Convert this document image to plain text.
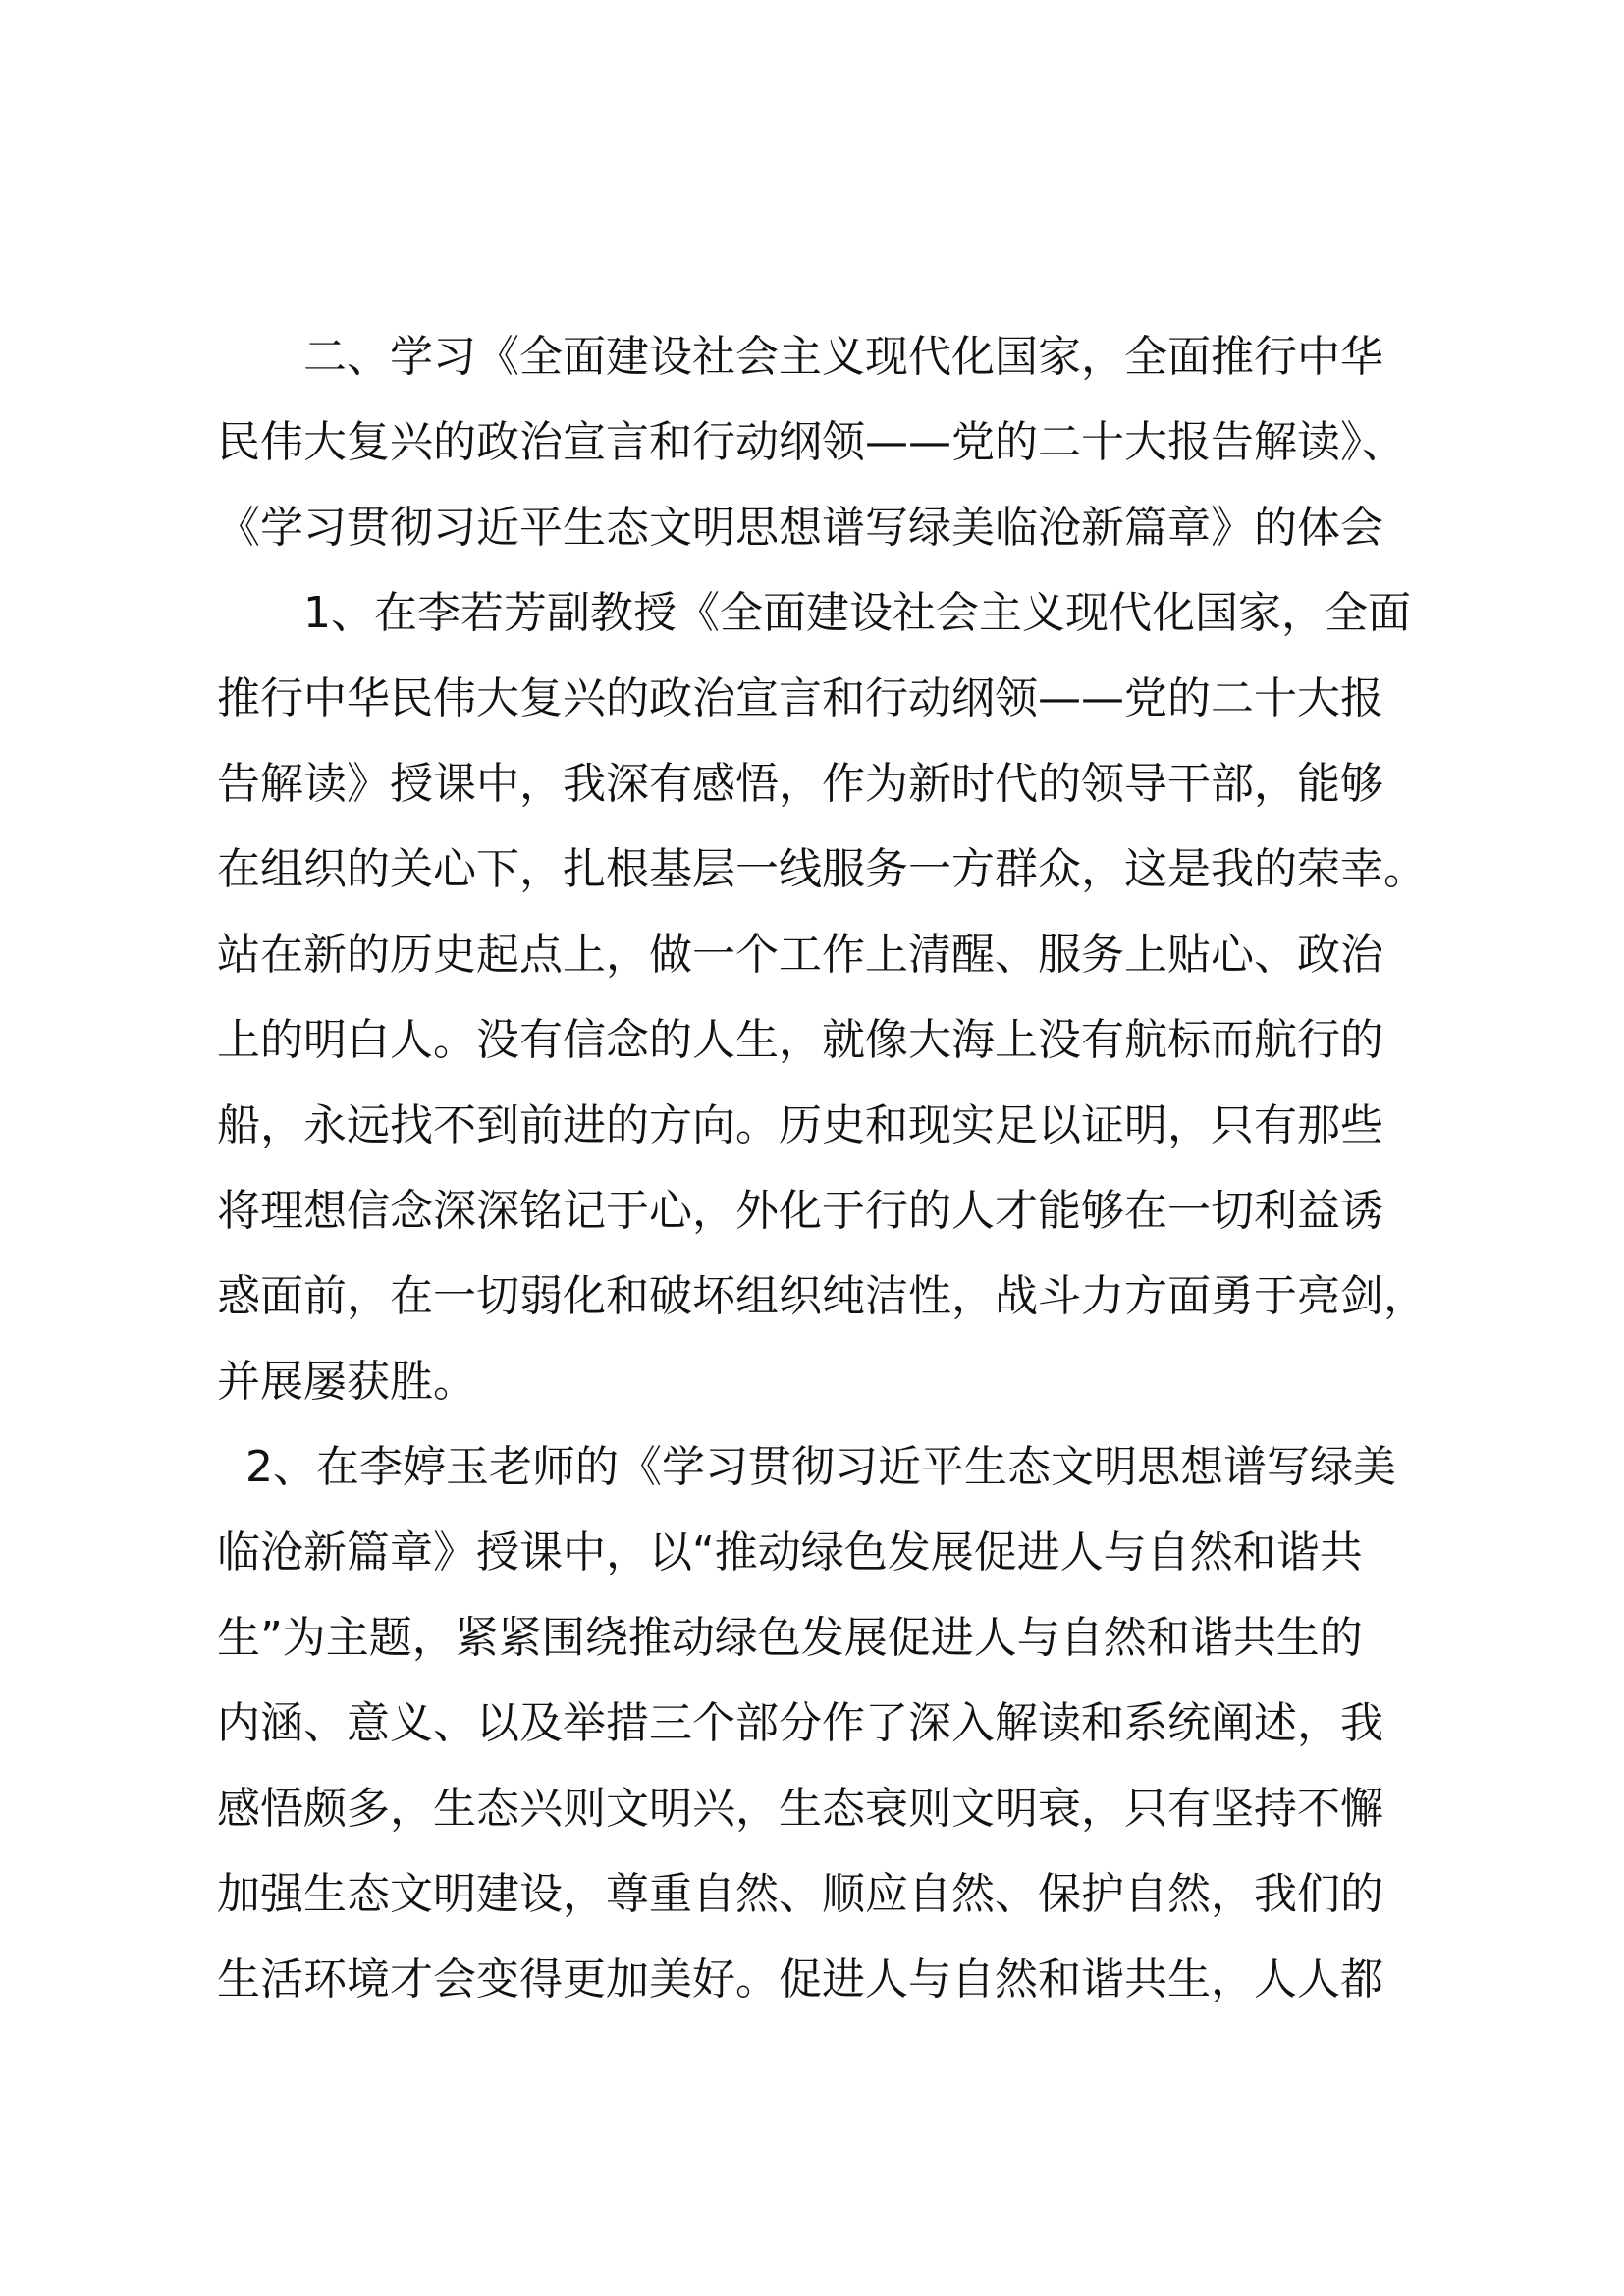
二、学习《全面建设社会主义现代化国家，全面推行中华
民伟大复兴的政治宣言和行动纲领——党的二十大报告解读》、
《学习贯彻习近平生态文明思想谱写绿美临沧新篇章》的体会
1、在李若芳副教授《全面建设社会主义现代化国家，全面
推行中华民伟大复兴的政治宣言和行动纲领——党的二十大报
告解读》授课中，我深有感悟，作为新时代的领导干部，能够
在组织的关心下，扎根基层一线服务一方群众，这是我的荣幸。
站在新的历史起点上，做一个工作上清醒、服务上贴心、政治
上的明白人。没有信念的人生，就像大海上没有航标而航行的
船，永远找不到前进的方向。历史和现实足以证明，只有那些
将理想信念深深铭记于心，外化于行的人才能够在一切利益诱
惑面前，在一切弱化和破坏组织纯洁性，战斗力方面勇于亮剑，
并展屡获胜。
2、在李婷玉老师的《学习贯彻习近平生态文明思想谱写绿美
临沧新篇章》授课中，以“推动绿色发展促进人与自然和谐共
生”为主题，紧紧围绕推动绿色发展促进人与自然和谐共生的
内涵、意义、以及举措三个部分作了深入解读和系统阐述，我
感悟颇多，生态兴则文明兴，生态衰则文明衰，只有坚持不懈
加强生态文明建设，尊重自然、顺应自然、保护自然，我们的
生活环境才会变得更加美好。促进人与自然和谐共生，人人都
